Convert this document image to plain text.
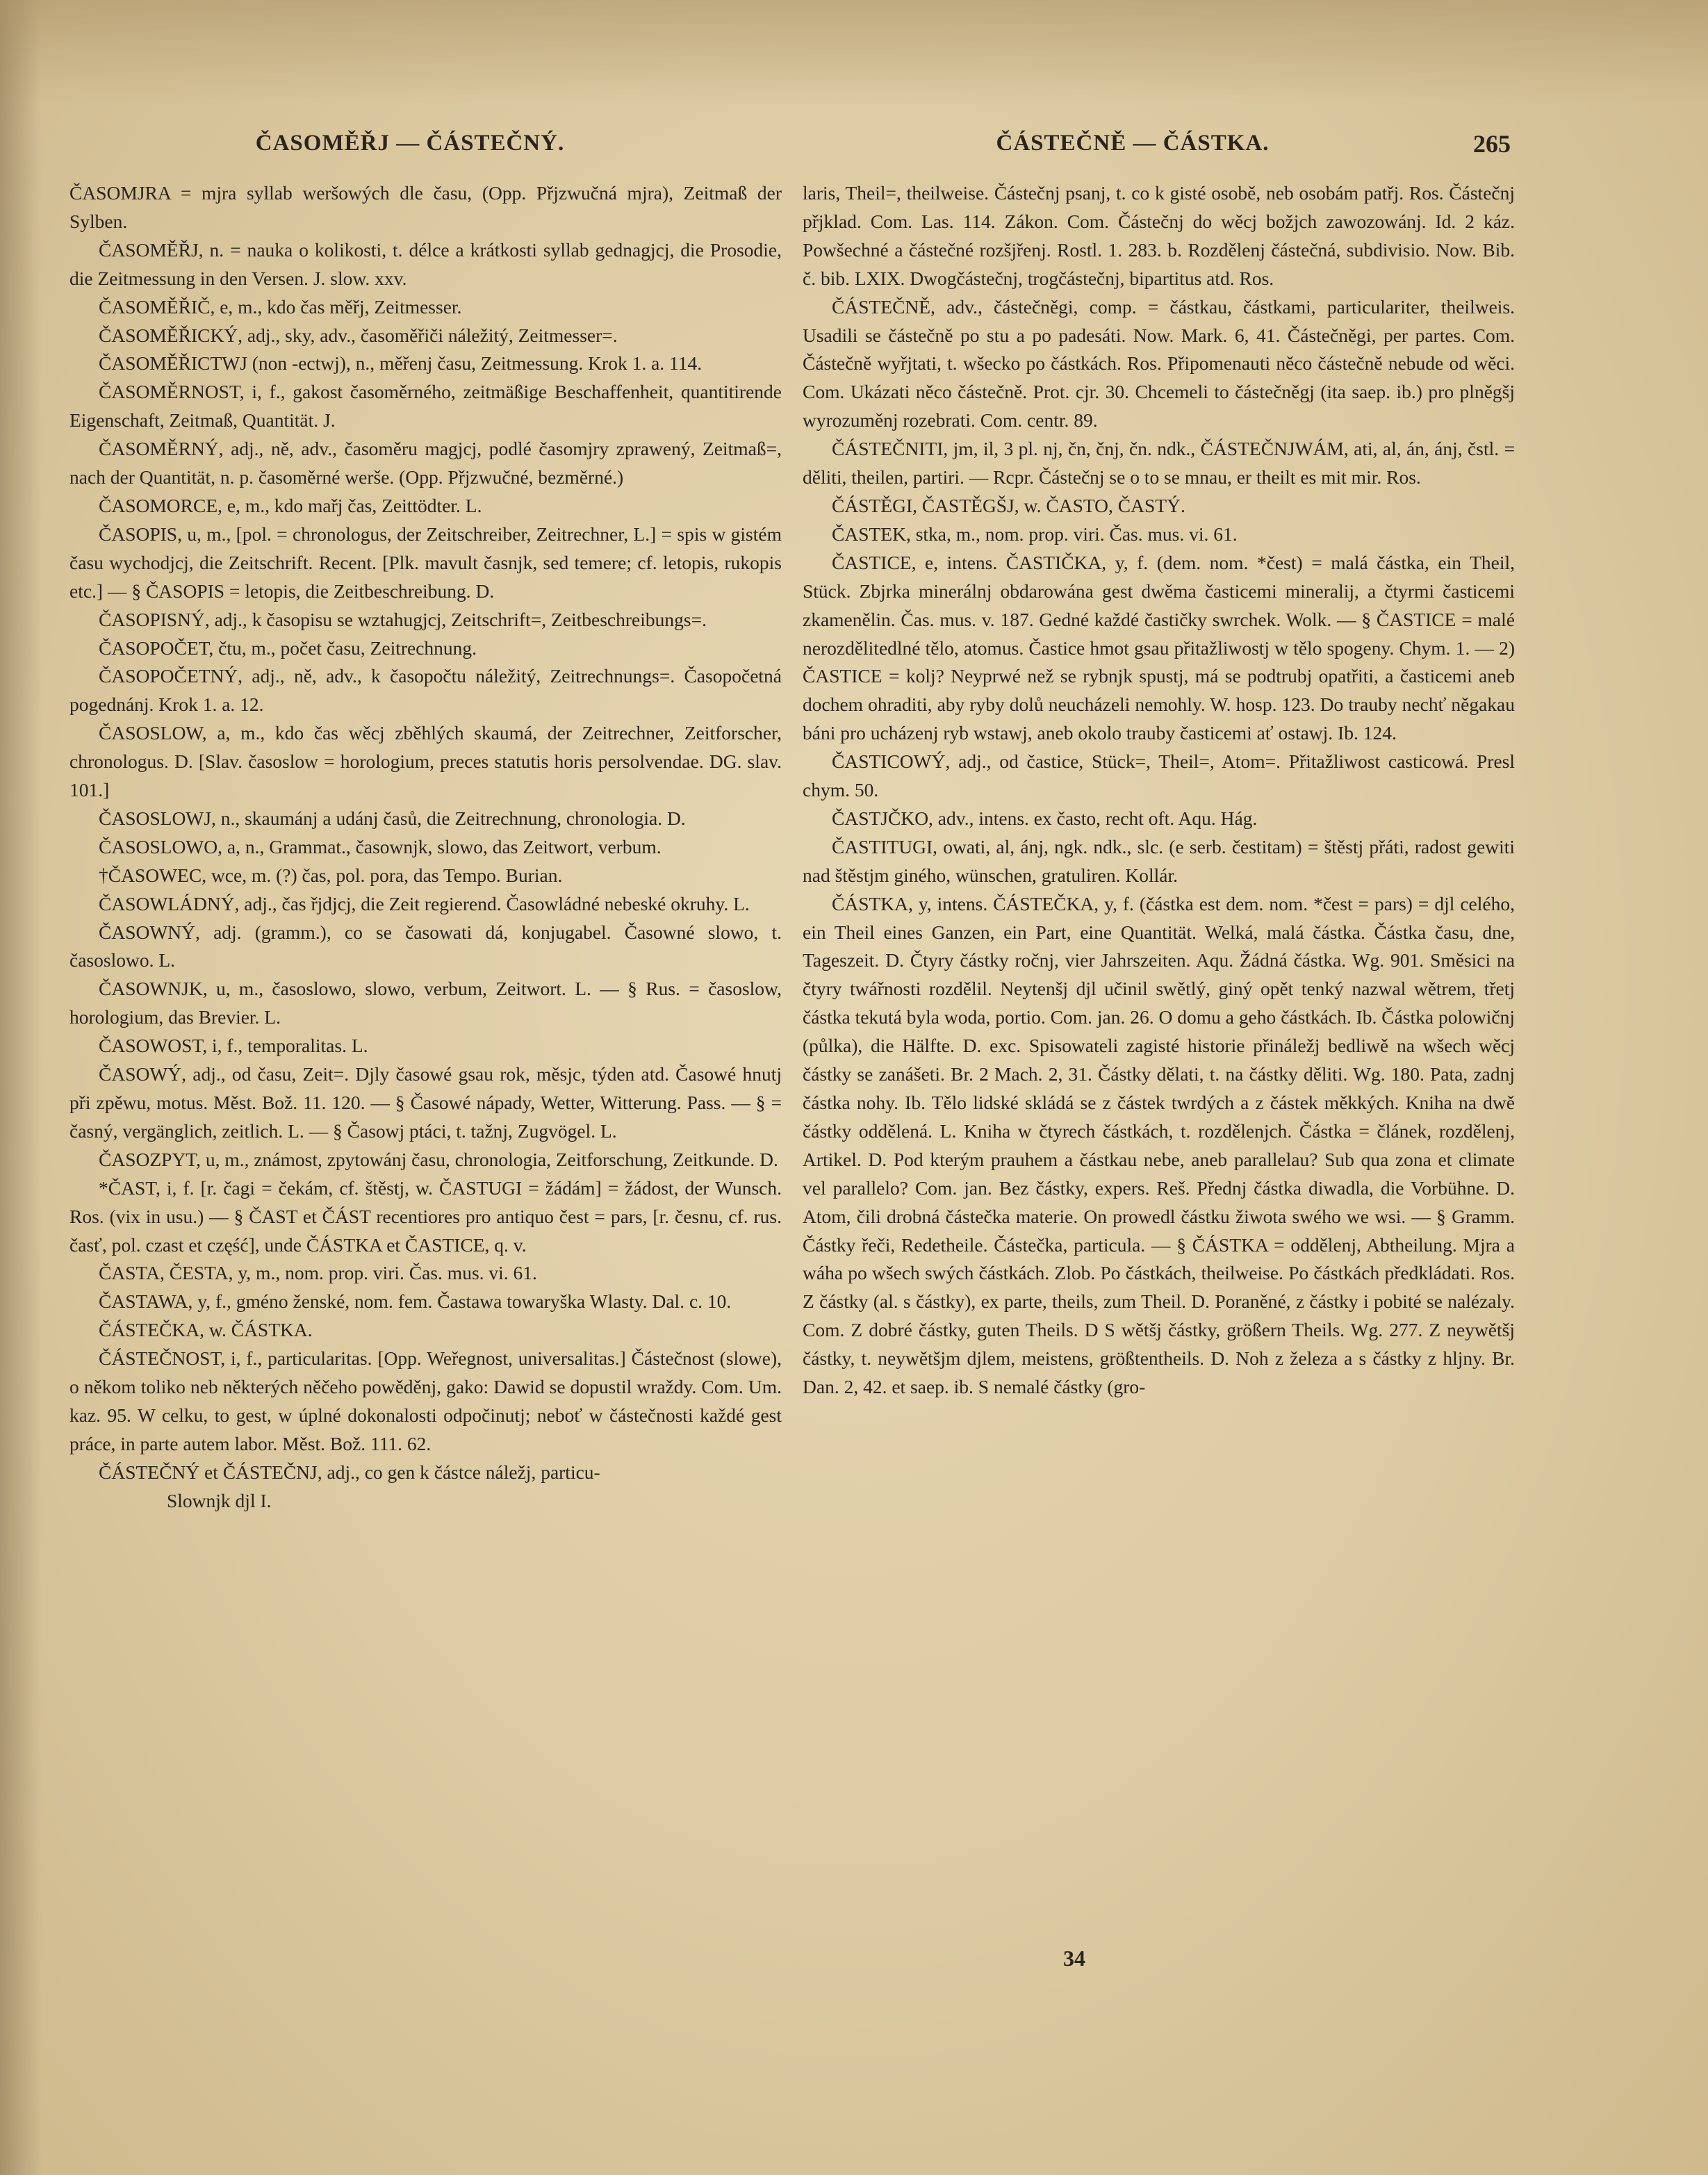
ČASOMĚŘJ — ČÁSTEČNÝ.	ČÁSTEČNĚ — ČÁSTKA.	265

ČASOMJRA = mjra syllab weršowých dle času, (Opp. Přjzwučná mjra), Zeitmaß der Sylben.

ČASOMĚŘJ, n. = nauka o kolikosti, t. délce a krátkosti syllab gednagjcj, die Prosodie, die Zeitmessung in den Versen. J. slow. xxv.

ČASOMĚŘIČ, e, m., kdo čas měřj, Zeitmesser.

ČASOMĚŘICKÝ, adj., sky, adv., časoměřiči náležitý, Zeitmesser=.

ČASOMĚŘICTWJ (non -ectwj), n., měřenj času, Zeitmessung. Krok 1. a. 114.

ČASOMĚRNOST, i, f., gakost časoměrného, zeitmäßige Beschaffenheit, quantitirende Eigenschaft, Zeitmaß, Quantität. J.

ČASOMĚRNÝ, adj., ně, adv., časoměru magjcj, podlé časomjry zprawený, Zeitmaß=, nach der Quantität, n. p. časoměrné werše. (Opp. Přjzwučné, bezměrné.)

ČASOMORCE, e, m., kdo mařj čas, Zeittödter. L.

ČASOPIS, u, m., [pol. = chronologus, der Zeitschreiber, Zeitrechner, L.] = spis w gistém času wychodjcj, die Zeitschrift. Recent. [Plk. mavult časnjk, sed temere; cf. letopis, rukopis etc.] — § ČASOPIS = letopis, die Zeitbeschreibung. D.

ČASOPISNÝ, adj., k časopisu se wztahugjcj, Zeitschrift=, Zeitbeschreibungs=.

ČASOPOČET, čtu, m., počet času, Zeitrechnung.

ČASOPOČETNÝ, adj., ně, adv., k časopočtu náležitý, Zeitrechnungs=. Časopočetná pogednánj. Krok 1. a. 12.

ČASOSLOW, a, m., kdo čas wěcj zběhlých skaumá, der Zeitrechner, Zeitforscher, chronologus. D. [Slav. časoslow = horologium, preces statutis horis persolvendae. DG. slav. 101.]

ČASOSLOWJ, n., skaumánj a udánj časů, die Zeitrechnung, chronologia. D.

ČASOSLOWO, a, n., Grammat., časownjk, slowo, das Zeitwort, verbum.

†ČASOWEC, wce, m. (?) čas, pol. pora, das Tempo. Burian.

ČASOWLÁDNÝ, adj., čas řjdjcj, die Zeit regierend. Časowládné nebeské okruhy. L.

ČASOWNÝ, adj. (gramm.), co se časowati dá, konjugabel. Časowné slowo, t. časoslowo. L.

ČASOWNJK, u, m., časoslowo, slowo, verbum, Zeitwort. L. — § Rus. = časoslow, horologium, das Brevier. L.

ČASOWOST, i, f., temporalitas. L.

ČASOWÝ, adj., od času, Zeit=. Djly časowé gsau rok, měsjc, týden atd. Časowé hnutj při zpěwu, motus. Měst. Bož. 11. 120. — § Časowé nápady, Wetter, Witterung. Pass. — § = časný, vergänglich, zeitlich. L. — § Časowj ptáci, t. tažnj, Zugvögel. L.

ČASOZPYT, u, m., známost, zpytowánj času, chronologia, Zeitforschung, Zeitkunde. D.

*ČAST, i, f. [r. čagi = čekám, cf. štěstj, w. ČASTUGI = žádám] = žádost, der Wunsch. Ros. (vix in usu.) — § ČAST et ČÁST recentiores pro antiquo čest = pars, [r. česnu, cf. rus. časť, pol. czast et część], unde ČÁSTKA et ČASTICE, q. v.

ČASTA, ČESTA, y, m., nom. prop. viri. Čas. mus. vi. 61.

ČASTAWA, y, f., gméno ženské, nom. fem. Častawa towaryška Wlasty. Dal. c. 10.

ČÁSTEČKA, w. ČÁSTKA.

ČÁSTEČNOST, i, f., particularitas. [Opp. Weřegnost, universalitas.] Částečnost (slowe), o někom toliko neb některých něčeho powěděnj, gako: Dawid se dopustil wraždy. Com. Um. kaz. 95. W celku, to gest, w úplné dokonalosti odpočinutj; neboť w částečnosti každé gest práce, in parte autem labor. Měst. Bož. 111. 62.

ČÁSTEČNÝ et ČÁSTEČNJ, adj., co gen k částce náležj, particu-

Slownjk djl I.

laris, Theil=, theilweise. Částečnj psanj, t. co k gisté osobě, neb osobám patřj. Ros. Částečnj přjklad. Com. Las. 114. Zákon. Com. Částečnj do wěcj božjch zawozowánj. Id. 2 káz. Powšechné a částečné rozšjřenj. Rostl. 1. 283. b. Rozdělenj částečná, subdivisio. Now. Bib. č. bib. LXIX. Dwogčástečnj, trogčástečnj, bipartitus atd. Ros.

ČÁSTEČNĚ, adv., částečněgi, comp. = částkau, částkami, particulariter, theilweis. Usadili se částečně po stu a po padesáti. Now. Mark. 6, 41. Částečněgi, per partes. Com. Částečně wyřjtati, t. wšecko po částkách. Ros. Připomenauti něco částečně nebude od wěci. Com. Ukázati něco částečně. Prot. cjr. 30. Chcemeli to částečněgj (ita saep. ib.) pro plněgšj wyrozuměnj rozebrati. Com. centr. 89.

ČÁSTEČNITI, jm, il, 3 pl. nj, čn, čnj, čn. ndk., ČÁSTEČNJWÁM, ati, al, án, ánj, čstl. = děliti, theilen, partiri. — Rcpr. Částečnj se o to se mnau, er theilt es mit mir. Ros.

ČÁSTĚGI, ČASTĚGŠJ, w. ČASTO, ČASTÝ.

ČASTEK, stka, m., nom. prop. viri. Čas. mus. vi. 61.

ČASTICE, e, intens. ČASTIČKA, y, f. (dem. nom. *čest) = malá částka, ein Theil, Stück. Zbjrka minerálnj obdarowána gest dwěma časticemi mineralij, a čtyrmi časticemi zkamenělin. Čas. mus. v. 187. Gedné každé častičky swrchek. Wolk. — § ČASTICE = malé nerozdělitedlné tělo, atomus. Častice hmot gsau přitažliwostj w tělo spogeny. Chym. 1. — 2) ČASTICE = kolj? Neyprwé než se rybnjk spustj, má se podtrubj opatřiti, a časticemi aneb dochem ohraditi, aby ryby dolů neucházeli nemohly. W. hosp. 123. Do trauby nechť něgakau báni pro ucházenj ryb wstawj, aneb okolo trauby časticemi ať ostawj. Ib. 124.

ČASTICOWÝ, adj., od častice, Stück=, Theil=, Atom=. Přitažliwost casticowá. Presl chym. 50.

ČASTJČKO, adv., intens. ex často, recht oft. Aqu. Hág.

ČASTITUGI, owati, al, ánj, ngk. ndk., slc. (e serb. čestitam) = štěstj přáti, radost gewiti nad štěstjm giného, wünschen, gratuliren. Kollár.

ČÁSTKA, y, intens. ČÁSTEČKA, y, f. (částka est dem. nom. *čest = pars) = djl celého, ein Theil eines Ganzen, ein Part, eine Quantität. Welká, malá částka. Částka času, dne, Tageszeit. D. Čtyry částky ročnj, vier Jahrszeiten. Aqu. Žádná částka. Wg. 901. Směsici na čtyry twářnosti rozdělil. Neytenšj djl učinil swětlý, giný opět tenký nazwal wětrem, třetj částka tekutá byla woda, portio. Com. jan. 26. O domu a geho částkách. Ib. Částka polowičnj (půlka), die Hälfte. D. exc. Spisowateli zagisté historie přináležj bedliwě na wšech wěcj částky se zanášeti. Br. 2 Mach. 2, 31. Částky dělati, t. na částky děliti. Wg. 180. Pata, zadnj částka nohy. Ib. Tělo lidské skládá se z částek twrdých a z částek měkkých. Kniha na dwě částky oddělená. L. Kniha w čtyrech částkách, t. rozdělenjch. Částka = článek, rozdělenj, Artikel. D. Pod kterým prauhem a částkau nebe, aneb parallelau? Sub qua zona et climate vel parallelo? Com. jan. Bez částky, expers. Reš. Přednj částka diwadla, die Vorbühne. D. Atom, čili drobná částečka materie. On prowedl částku žiwota swého we wsi. — § Gramm. Částky řeči, Redetheile. Částečka, particula. — § ČÁSTKA = oddělenj, Abtheilung. Mjra a wáha po wšech swých částkách. Zlob. Po částkách, theilweise. Po částkách předkládati. Ros. Z částky (al. s částky), ex parte, theils, zum Theil. D. Poraněné, z částky i pobité se nalézaly. Com. Z dobré částky, guten Theils. D S wětšj částky, größern Theils. Wg. 277. Z neywětšj částky, t. neywětšjm djlem, meistens, größtentheils. D. Noh z železa a s částky z hljny. Br. Dan. 2, 42. et saep. ib. S nemalé částky (gro-

34
